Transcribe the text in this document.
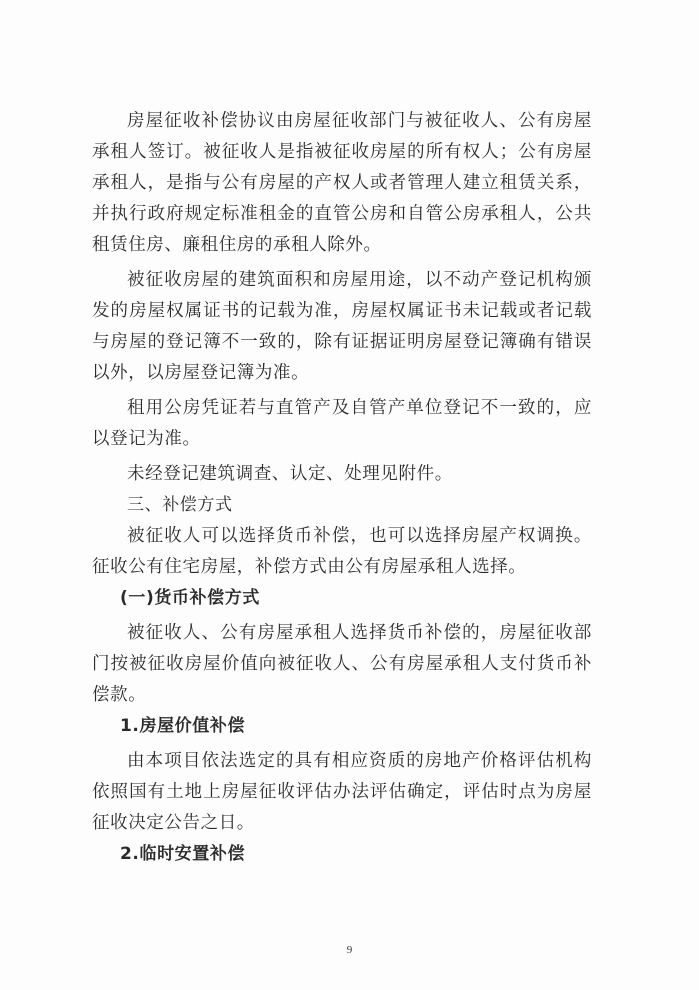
房屋征收补偿协议由房屋征收部门与被征收人、公有房屋承租人签订。被征收人是指被征收房屋的所有权人；公有房屋承租人，是指与公有房屋的产权人或者管理人建立租赁关系，并执行政府规定标准租金的直管公房和自管公房承租人，公共租赁住房、廉租住房的承租人除外。

被征收房屋的建筑面积和房屋用途，以不动产登记机构颁发的房屋权属证书的记载为准，房屋权属证书未记载或者记载与房屋的登记簿不一致的，除有证据证明房屋登记簿确有错误以外，以房屋登记簿为准。

租用公房凭证若与直管产及自管产单位登记不一致的，应以登记为准。

未经登记建筑调查、认定、处理见附件。

三、补偿方式

被征收人可以选择货币补偿，也可以选择房屋产权调换。征收公有住宅房屋，补偿方式由公有房屋承租人选择。

(一)货币补偿方式

被征收人、公有房屋承租人选择货币补偿的，房屋征收部门按被征收房屋价值向被征收人、公有房屋承租人支付货币补偿款。

1.房屋价值补偿

由本项目依法选定的具有相应资质的房地产价格评估机构依照国有土地上房屋征收评估办法评估确定，评估时点为房屋征收决定公告之日。

2.临时安置补偿

9
